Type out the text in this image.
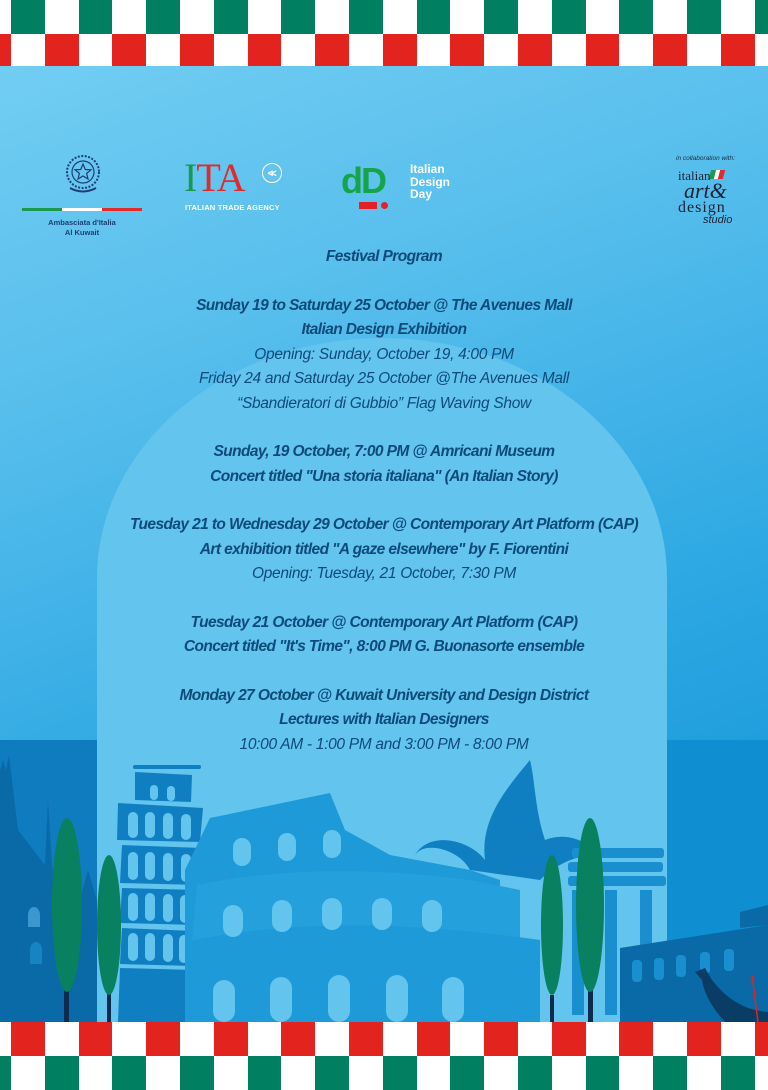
Ambasciata d'Italia
Al Kuwait
ITA	≪
ITALIAN TRADE AGENCY
dD Italian
Design
Day
in collaboration with:
italian
art&
design
studio
Festival Program
Sunday 19 to Saturday 25 October @ The Avenues Mall
Italian Design Exhibition
Opening: Sunday, October 19, 4:00 PM
Friday 24 and Saturday 25 October @The Avenues Mall
“Sbandieratori di Gubbio” Flag Waving Show
Sunday, 19 October, 7:00 PM @ Amricani Museum
Concert titled "Una storia italiana" (An Italian Story)
Tuesday 21 to Wednesday 29 October @ Contemporary Art Platform (CAP)
Art exhibition titled "A gaze elsewhere" by F. Fiorentini
Opening: Tuesday, 21 October, 7:30 PM
Tuesday 21 October @ Contemporary Art Platform (CAP)
Concert titled "It's Time", 8:00 PM G. Buonasorte ensemble
Monday 27 October @ Kuwait University and Design District
Lectures with Italian Designers
10:00 AM - 1:00 PM and 3:00 PM - 8:00 PM
